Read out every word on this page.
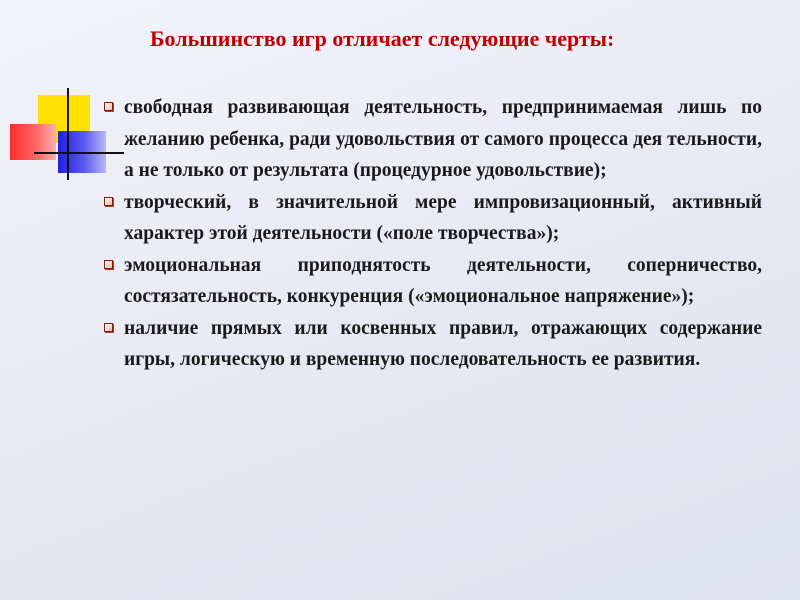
Большинство игр отличает следующие черты:
свободная развивающая деятельность, предпринимаемая лишь по желанию ребенка, ради удовольствия от самого процесса дея тельности, а не только от результата (процедурное удовольствие);
творческий, в значительной мере импровизационный, активный характер этой деятельности («поле творчества»);
эмоциональная приподнятость деятельности, соперничество, состязательность, конкуренция («эмоциональное напряжение»);
наличие прямых или косвенных правил, отражающих содержание игры, логическую и временную последовательность ее развития.
